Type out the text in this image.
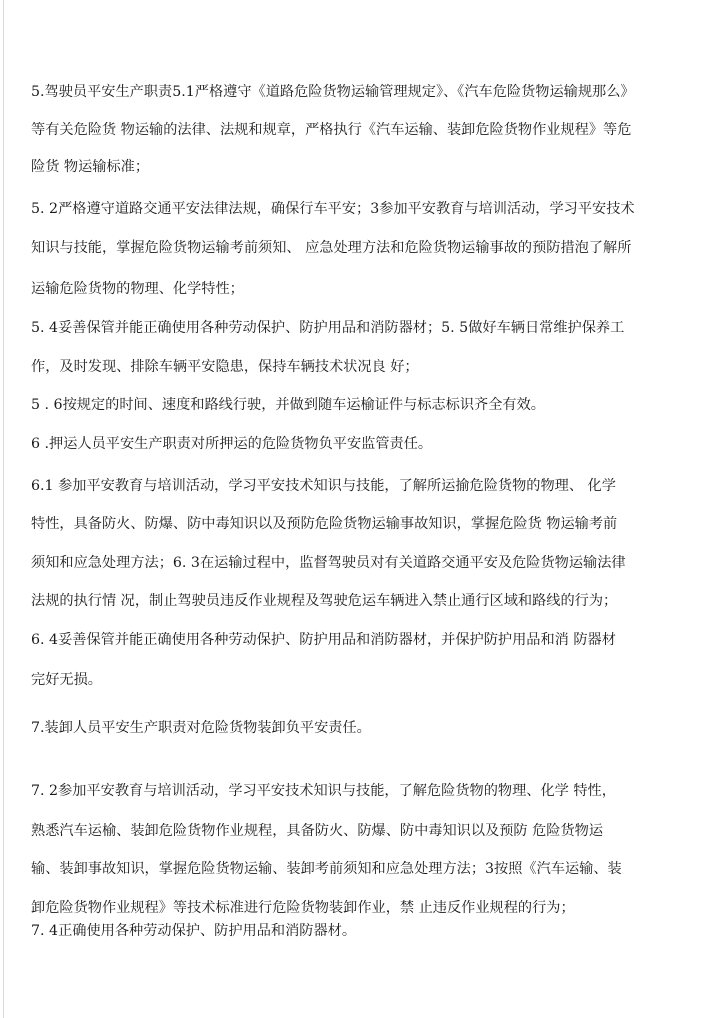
5.驾驶员平安生产职责5.1严格遵守《道路危险货物运输管理规定》、《汽车危险货物运输规那么》
等有关危险货 物运输的法律、法规和规章，严格执行《汽车运输、装卸危险货物作业规程》等危
险货 物运输标准；
5. 2严格遵守道路交通平安法律法规，确保行车平安；3参加平安教育与培训活动，学习平安技术
知识与技能，掌握危险货物运输考前须知、 应急处理方法和危险货物运输事故的预防措泡了解所
运输危险货物的物理、化学特性；
5. 4妥善保管并能正确使用各种劳动保护、防护用品和消防器材；5. 5做好车辆日常维护保养工
作，及时发现、排除车辆平安隐患，保持车辆技术状况良 好；
5 . 6按规定的时间、速度和路线行驶，并做到随车运榆证件与标志标识齐全有效。
6 .押运人员平安生产职责对所押运的危险货物负平安监管责任。
6.1 参加平安教育与培训活动，学习平安技术知识与技能，了解所运揄危险货物的物理、 化学
特性，具备防火、防爆、防中毒知识以及预防危险货物运输事故知识，掌握危险货 物运输考前
须知和应急处理方法；6. 3在运输过程中，监督驾驶员对有关道路交通平安及危险货物运输法律
法规的执行情 况，制止驾驶员违反作业规程及驾驶危运车辆进入禁止通行区域和路线的行为；
6. 4妥善保管并能正确使用各种劳动保护、防护用品和消防器材，并保护防护用品和消 防器材
完好无损。
7.装卸人员平安生产职责对危险货物装卸负平安责任。
7. 2参加平安教育与培训活动，学习平安技术知识与技能，了解危险货物的物理、化学 特性，
熟悉汽车运榆、装卸危险货物作业规程，具备防火、防爆、防中毒知识以及预防 危险货物运
输、装卸事故知识，掌握危险货物运输、装卸考前须知和应急处理方法；3按照《汽车运输、装
卸危险货物作业规程》等技术标准进行危险货物装卸作业，禁 止违反作业规程的行为；
7. 4正确使用各种劳动保护、防护用品和消防器材。
